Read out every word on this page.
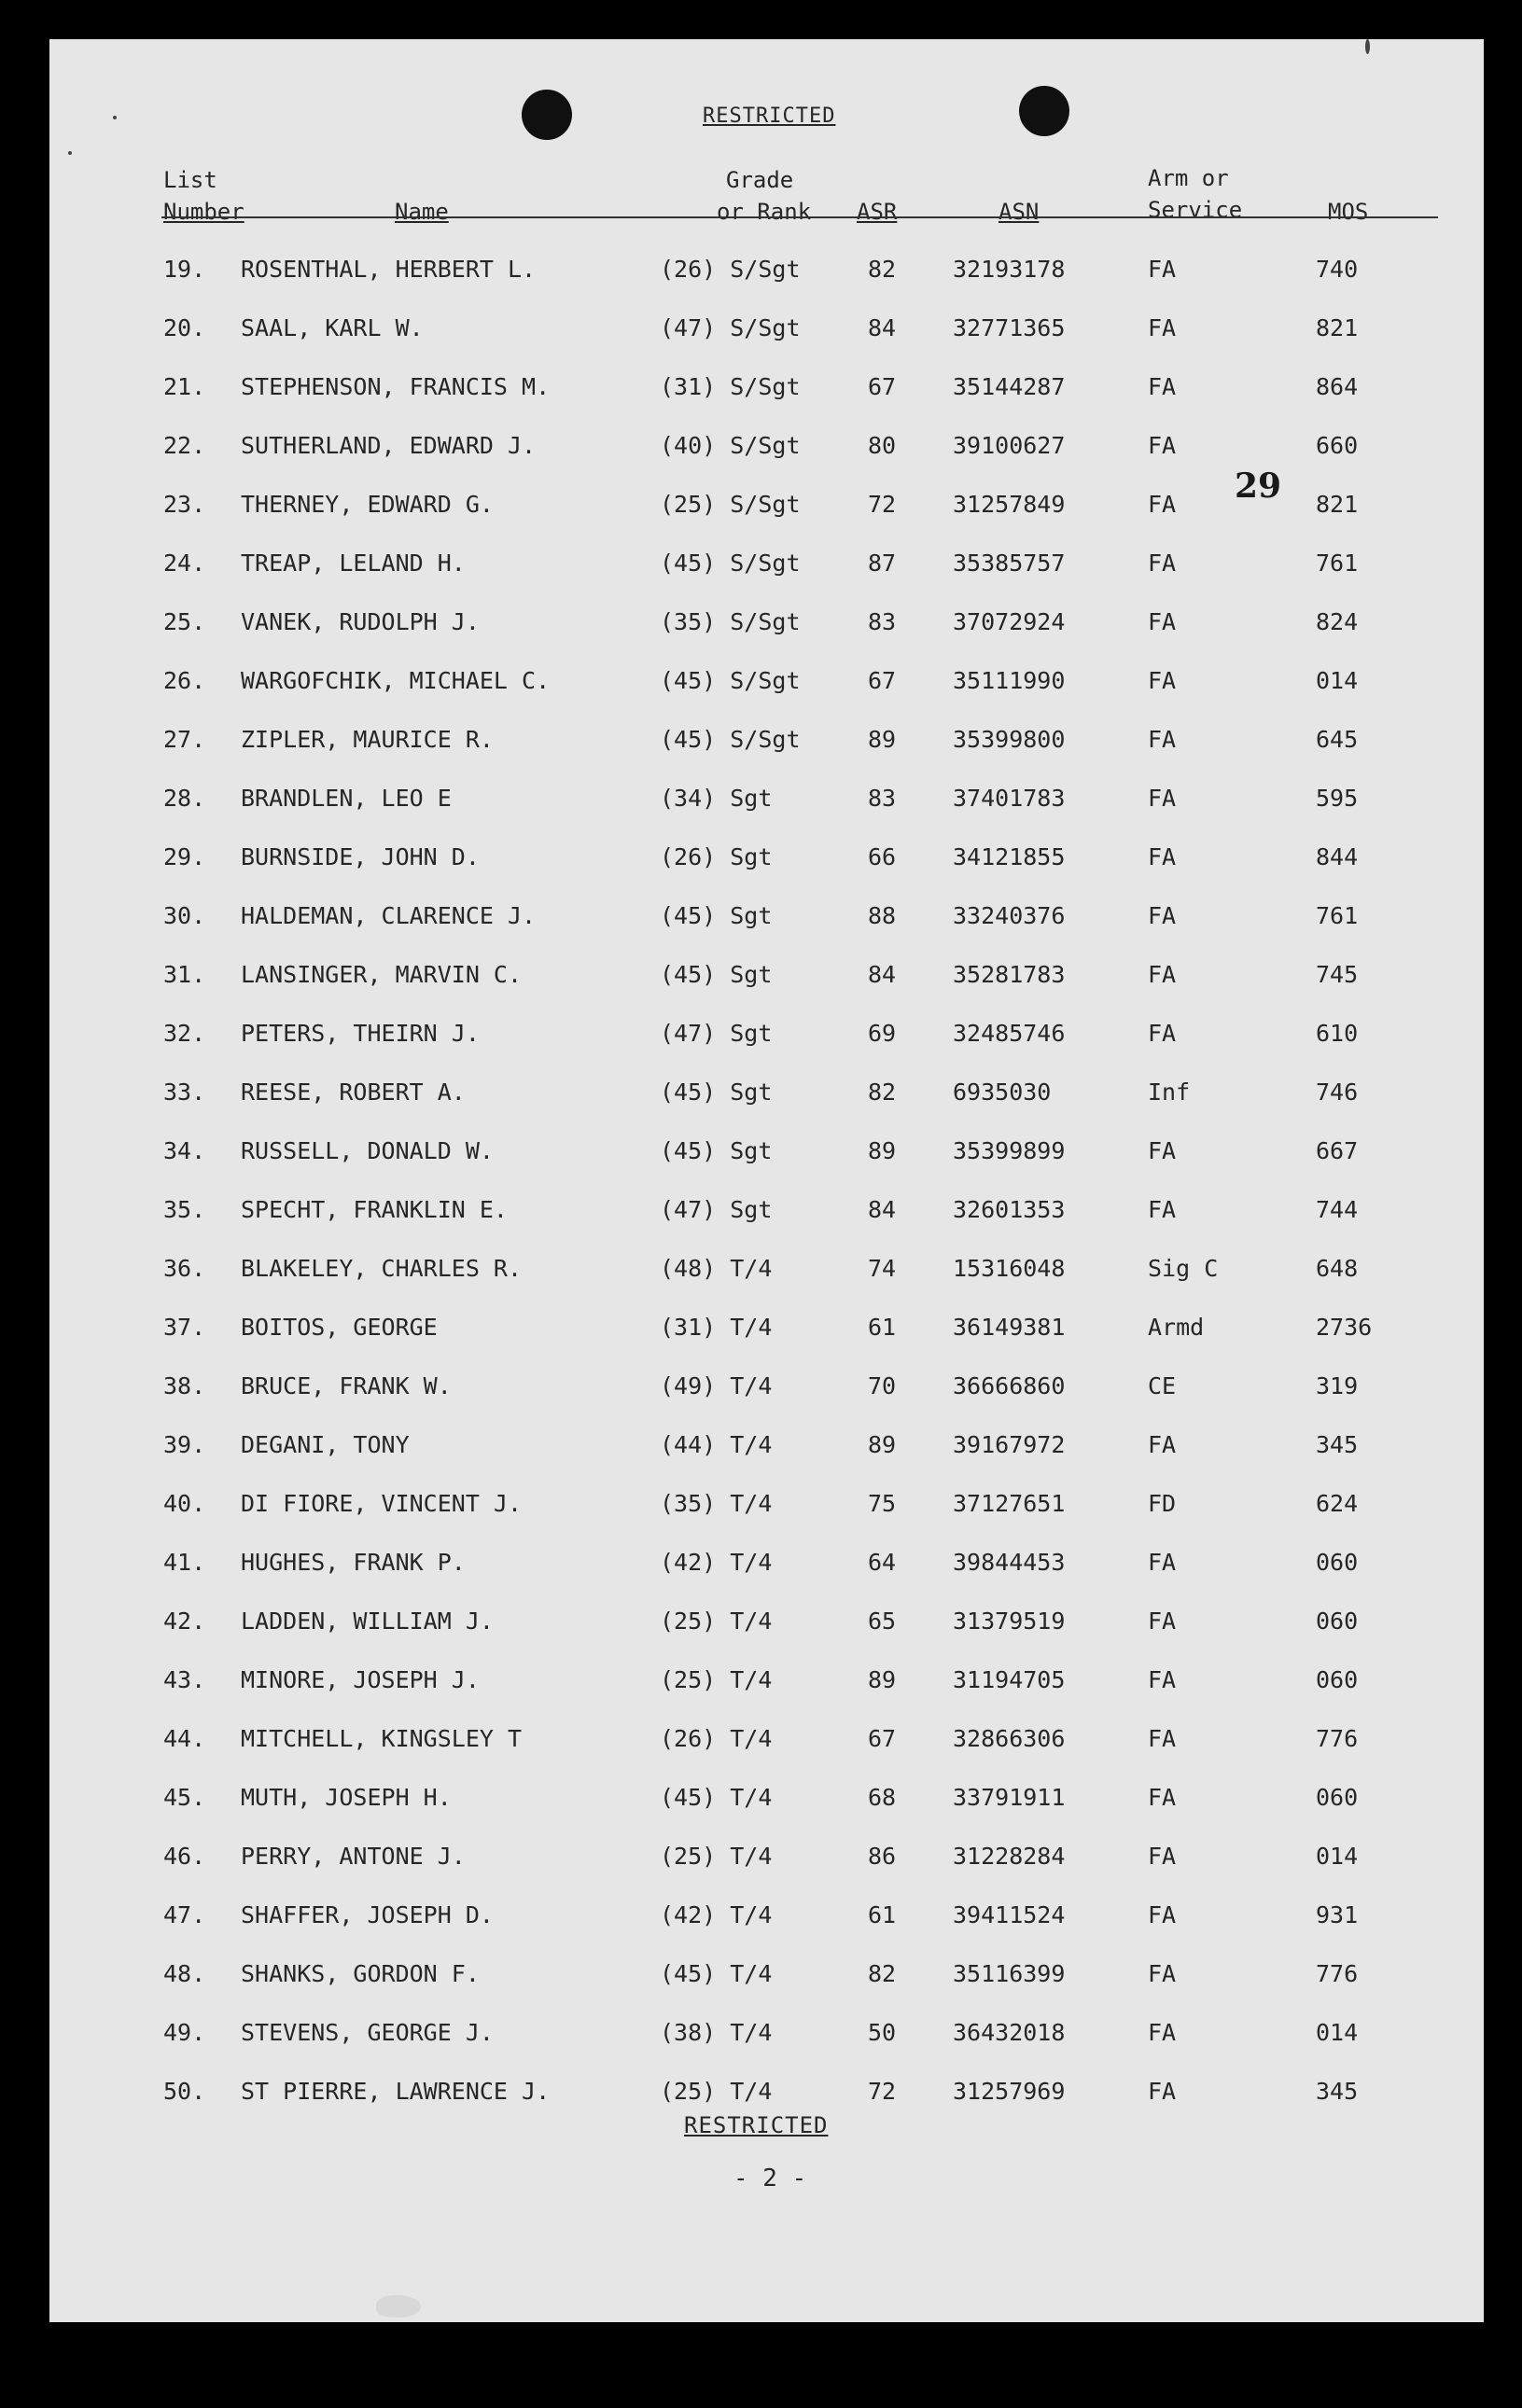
RESTRICTED
List
Number	Name
Grade
or Rank ASR	ASN
Arm or
Service	MOS
19. ROSENTHAL, HERBERT L.	(26) S/Sgt	82 32193178	FA	740
20. SAAL, KARL W.	(47) S/Sgt	84 32771365	FA	821
21. STEPHENSON, FRANCIS M.	(31) S/Sgt	67 35144287	FA	864
22. SUTHERLAND, EDWARD J.	(40) S/Sgt	80 39100627	FA	660
23. THERNEY, EDWARD G.	(25) S/Sgt	72 31257849	FA	821
24. TREAP, LELAND H.	(45) S/Sgt	87 35385757	FA	761
25. VANEK, RUDOLPH J.	(35) S/Sgt	83 37072924	FA	824
26. WARGOFCHIK, MICHAEL C.	(45) S/Sgt	67 35111990	FA	014
27. ZIPLER, MAURICE R.	(45) S/Sgt	89 35399800	FA	645
28. BRANDLEN, LEO E	(34) Sgt	83 37401783	FA	595
29. BURNSIDE, JOHN D.	(26) Sgt	66 34121855	FA	844
30. HALDEMAN, CLARENCE J.	(45) Sgt	88 33240376	FA	761
31. LANSINGER, MARVIN C.	(45) Sgt	84 35281783	FA	745
32. PETERS, THEIRN J.	(47) Sgt	69 32485746	FA	610
33. REESE, ROBERT A.	(45) Sgt	82 6935030	Inf	746
34. RUSSELL, DONALD W.	(45) Sgt	89 35399899	FA	667
35. SPECHT, FRANKLIN E.	(47) Sgt	84 32601353	FA	744
36. BLAKELEY, CHARLES R.	(48) T/4	74 15316048	Sig C	648
37. BOITOS, GEORGE	(31) T/4	61 36149381	Armd	2736
38. BRUCE, FRANK W.	(49) T/4	70 36666860	CE	319
39. DEGANI, TONY	(44) T/4	89 39167972	FA	345
40. DI FIORE, VINCENT J.	(35) T/4	75 37127651	FD	624
41. HUGHES, FRANK P.	(42) T/4	64 39844453	FA	060
42. LADDEN, WILLIAM J.	(25) T/4	65 31379519	FA	060
43. MINORE, JOSEPH J.	(25) T/4	89 31194705	FA	060
44. MITCHELL, KINGSLEY T	(26) T/4	67 32866306	FA	776
45. MUTH, JOSEPH H.	(45) T/4	68 33791911	FA	060
46. PERRY, ANTONE J.	(25) T/4	86 31228284	FA	014
47. SHAFFER, JOSEPH D.	(42) T/4	61 39411524	FA	931
48. SHANKS, GORDON F.	(45) T/4	82 35116399	FA	776
49. STEVENS, GEORGE J.	(38) T/4	50 36432018	FA	014
50. ST PIERRE, LAWRENCE J.	(25) T/4	72 31257969	FA	345
29
RESTRICTED
- 2 -
